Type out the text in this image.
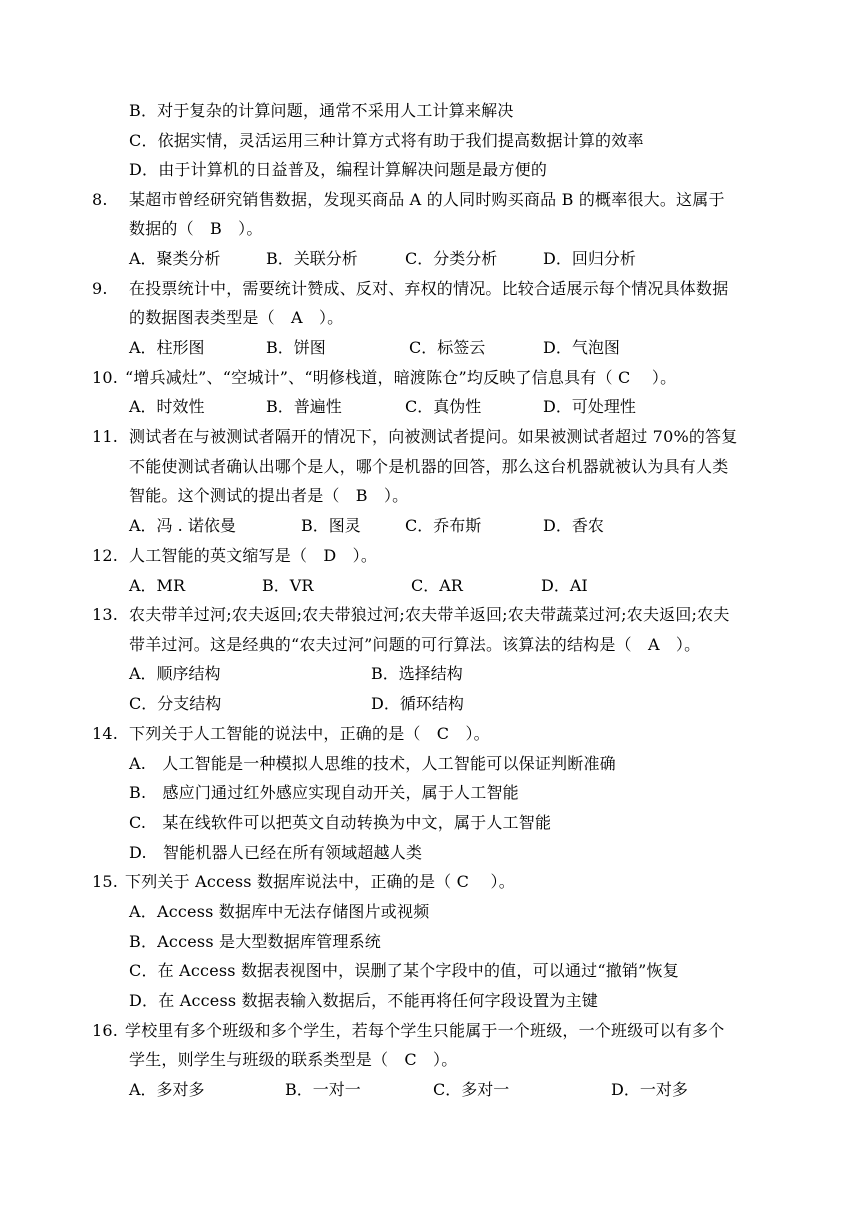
B．对于复杂的计算问题，通常不采用人工计算来解决
C．依据实情，灵活运用三种计算方式将有助于我们提高数据计算的效率
D．由于计算机的日益普及，编程计算解决问题是最方便的
8. 某超市曾经研究销售数据，发现买商品 A 的人同时购买商品 B 的概率很大。这属于
数据的（　B　）。
A．聚类分析	B．关联分析	C．分类分析	D．回归分析
9. 在投票统计中，需要统计赞成、反对、弃权的情况。比较合适展示每个情况具体数据
的数据图表类型是（　A　）。
A．柱形图	B．饼图	C．标签云	D．气泡图
10. “增兵减灶”、“空城计”、“明修栈道，暗渡陈仓”均反映了信息具有（ C　 ）。
A．时效性	B．普遍性	C．真伪性	D．可处理性
11. 测试者在与被测试者隔开的情况下，向被测试者提问。如果被测试者超过 70%的答复
不能使测试者确认出哪个是人，哪个是机器的回答，那么这台机器就被认为具有人类
智能。这个测试的提出者是（　B　）。
A．冯 . 诺依曼	B．图灵	C．乔布斯	D．香农
12. 人工智能的英文缩写是（　D　）。
A．MR	B．VR	C．AR	D．AI
13. 农夫带羊过河;农夫返回;农夫带狼过河;农夫带羊返回;农夫带蔬菜过河;农夫返回;农夫
带羊过河。这是经典的“农夫过河”问题的可行算法。该算法的结构是（　A　）。
A．顺序结构	B．选择结构
C．分支结构	D．循环结构
14. 下列关于人工智能的说法中，正确的是（　C　）。
A.　人工智能是一种模拟人思维的技术，人工智能可以保证判断准确
B.　感应门通过红外感应实现自动开关，属于人工智能
C.　某在线软件可以把英文自动转换为中文，属于人工智能
D.　智能机器人已经在所有领域超越人类
15. 下列关于 Access 数据库说法中，正确的是（ C　 ）。
A．Access 数据库中无法存储图片或视频
B．Access 是大型数据库管理系统
C．在 Access 数据表视图中，误删了某个字段中的值，可以通过“撤销”恢复
D．在 Access 数据表输入数据后，不能再将任何字段设置为主键
16. 学校里有多个班级和多个学生，若每个学生只能属于一个班级，一个班级可以有多个
学生，则学生与班级的联系类型是（　C　）。
A．多对多	B．一对一	C．多对一	D．一对多
